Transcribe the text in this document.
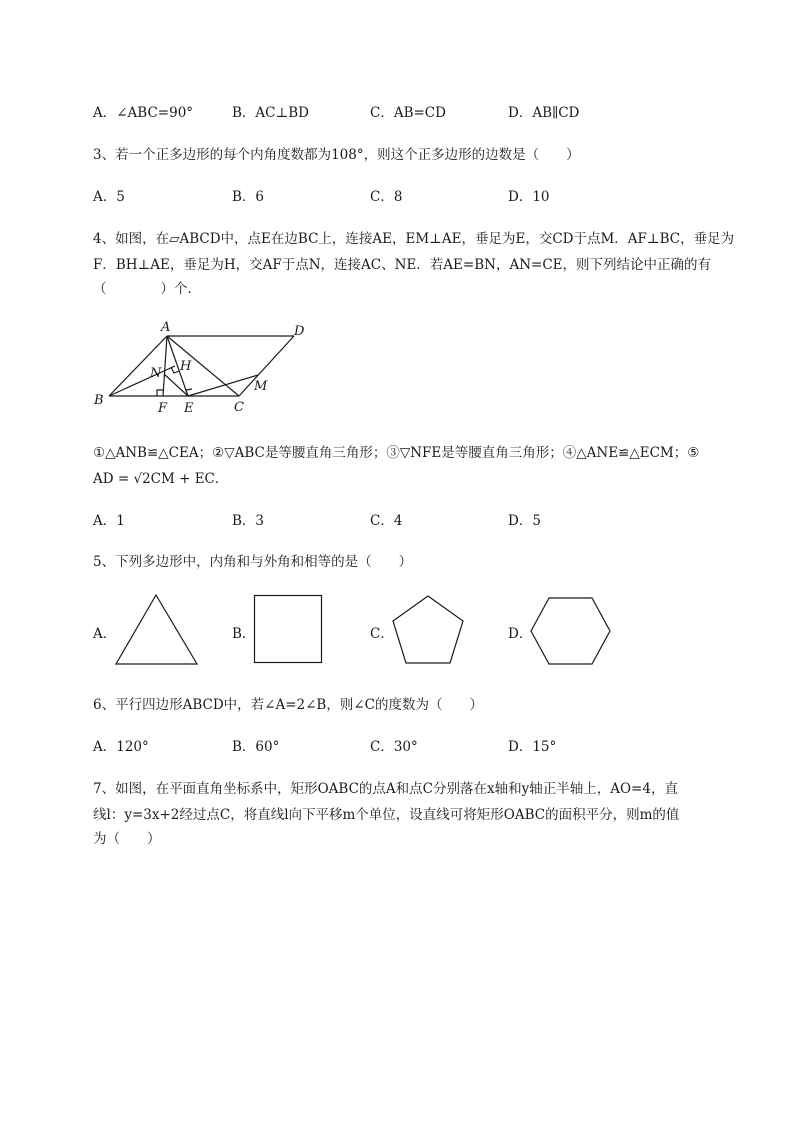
A．∠ABC=90°	B．AC⊥BD	C．AB=CD	D．AB∥CD
3、若一个正多边形的每个内角度数都为108°，则这个正多边形的边数是（　　）
A．5	B．6	C．8	D．10
4、如图，在▱ABCD中，点E在边BC上，连接AE，EM⊥AE，垂足为E，交CD于点M．AF⊥BC，垂足为
F．BH⊥AE，垂足为H，交AF于点N，连接AC、NE．若AE=BN，AN=CE，则下列结论中正确的有
（　　　　）个．
A	D
H
N
M
B
F E	C
①△ANB≌△CEA；②▽ABC是等腰直角三角形；③▽NFE是等腰直角三角形；④△ANE≌△ECM；⑤
AD = √2CM + EC．
A．1	B．3	C．4	D．5
5、下列多边形中，内角和与外角和相等的是（　　）
A．	B．	C．	D．
6、平行四边形ABCD中，若∠A=2∠B，则∠C的度数为（　　）
A．120°	B．60°	C．30°	D．15°
7、如图，在平面直角坐标系中，矩形OABC的点A和点C分别落在x轴和y轴正半轴上，AO=4，直
线l：y=3x+2经过点C，将直线l向下平移m个单位，设直线可将矩形OABC的面积平分，则m的值
为（　　）
